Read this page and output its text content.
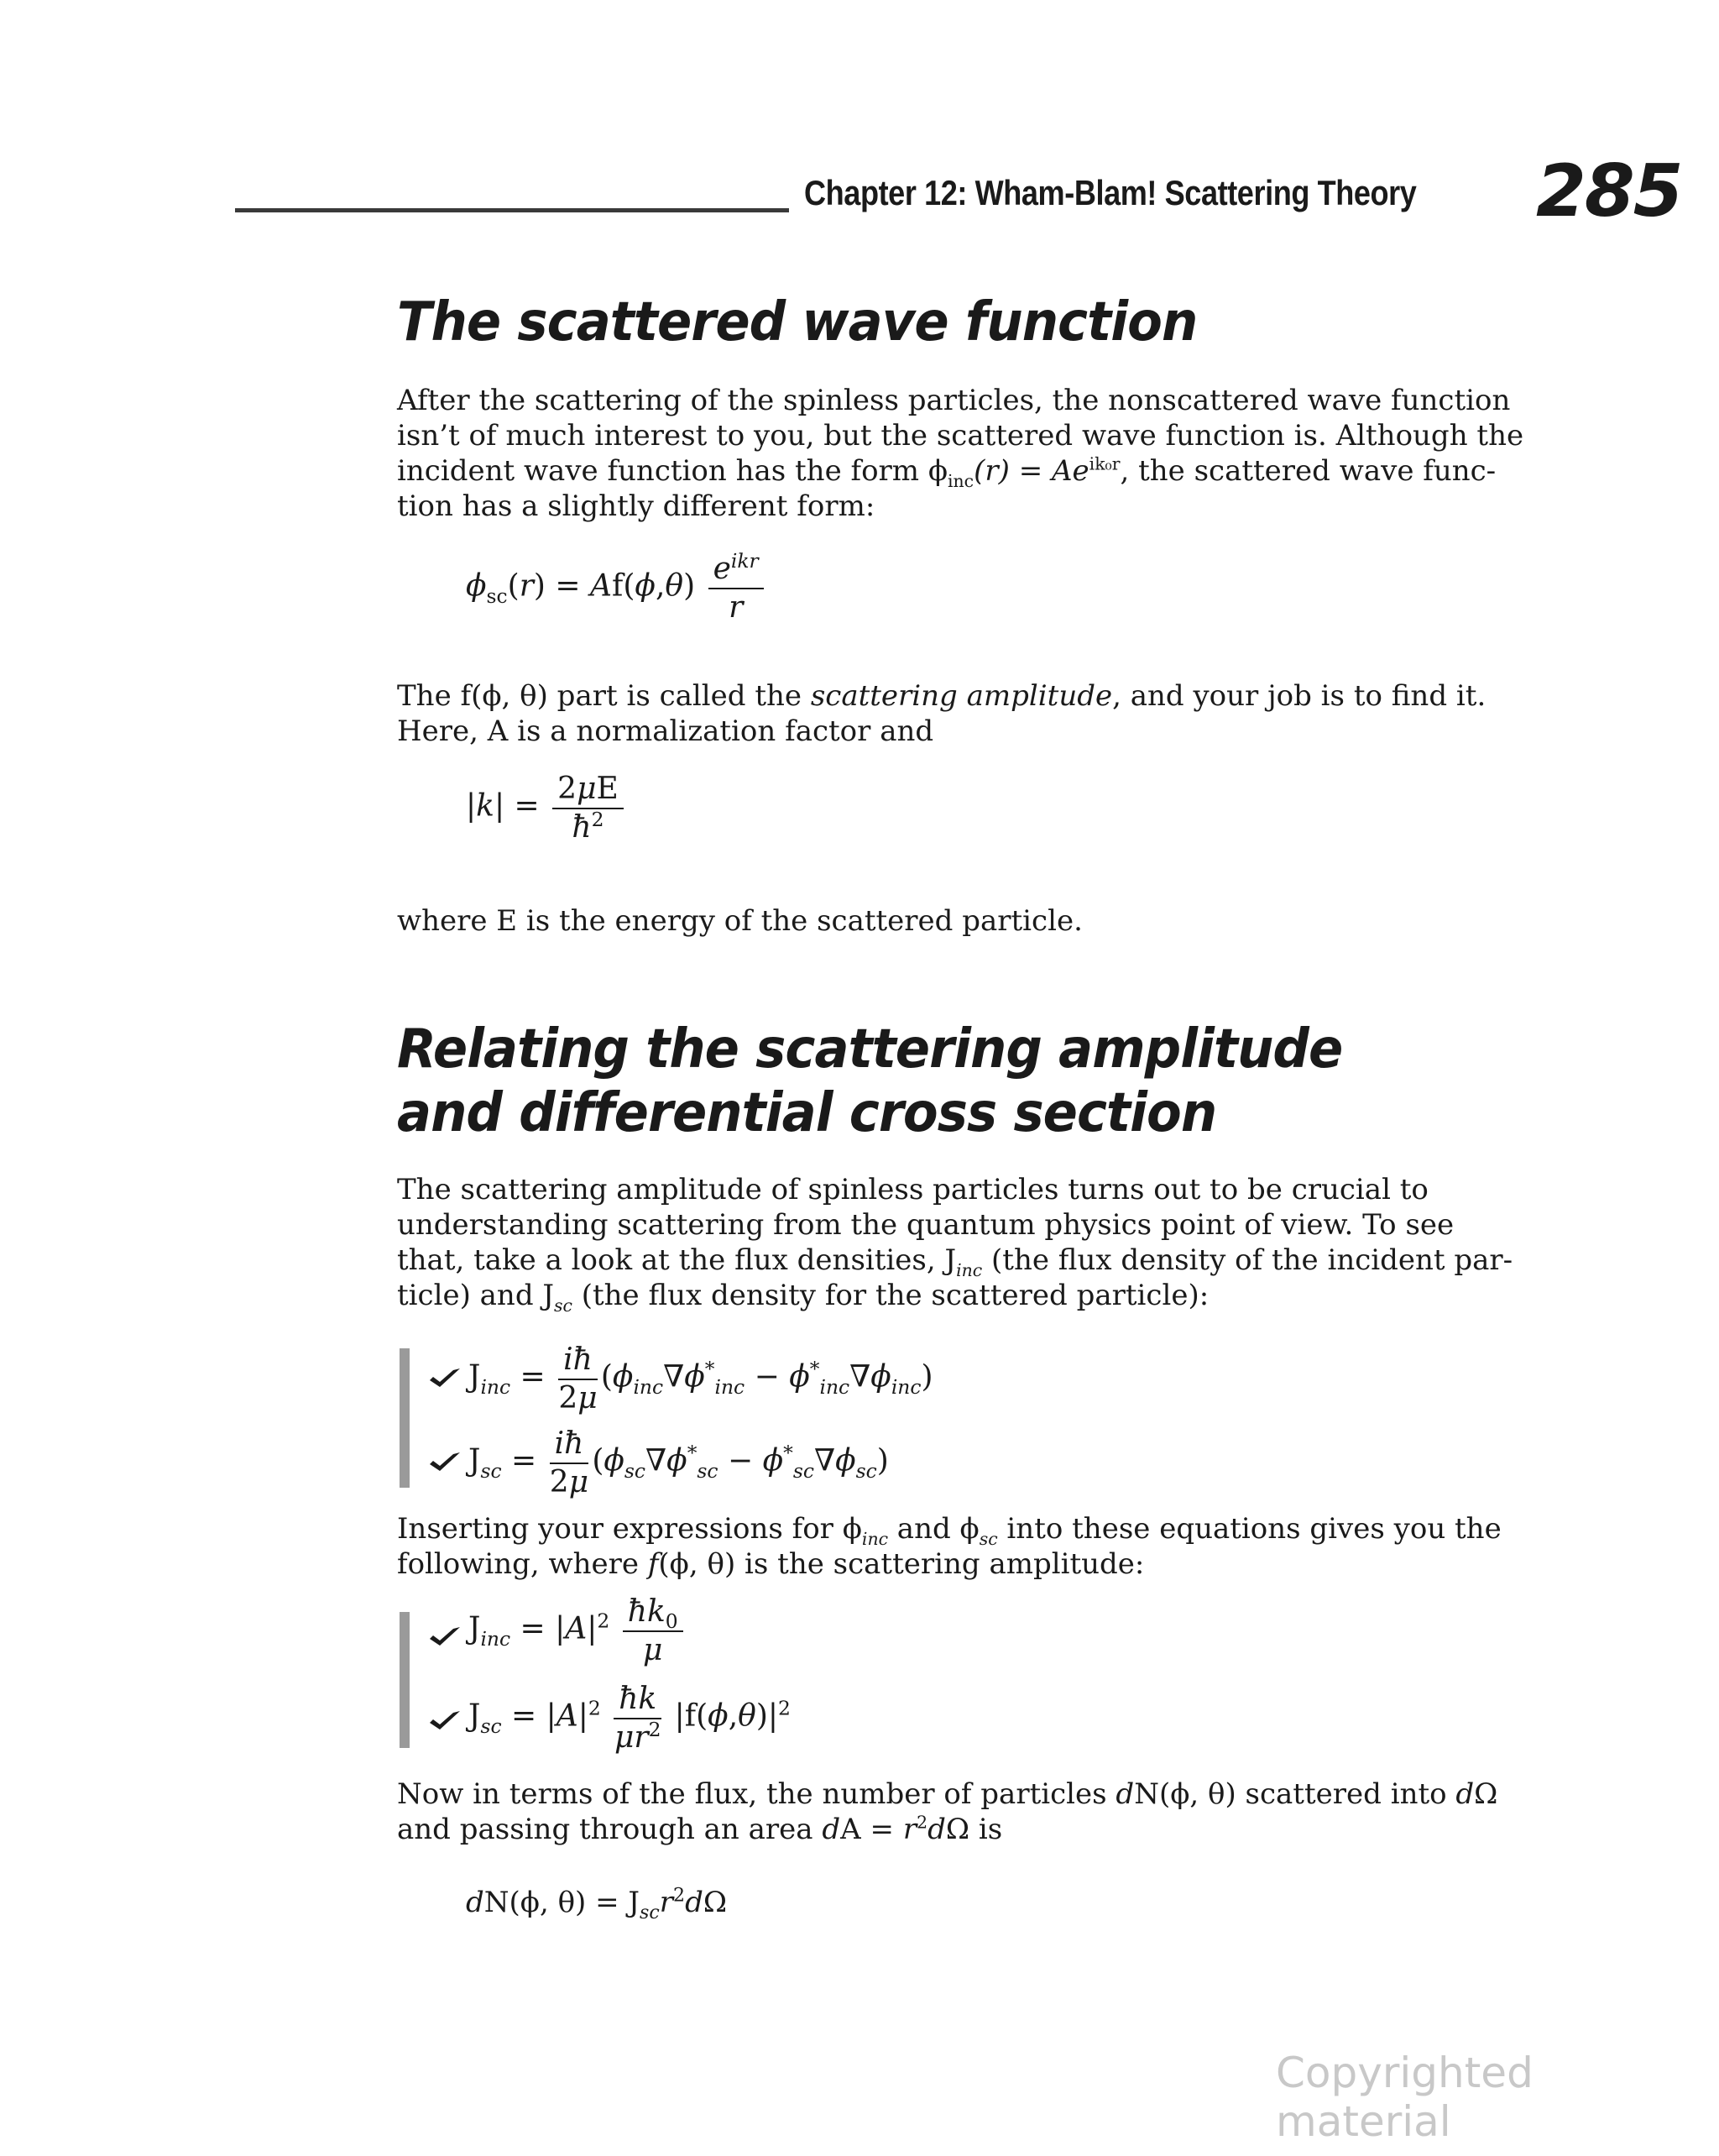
Chapter 12: Wham-Blam! Scattering Theory 285
The scattered wave function
After the scattering of the spinless particles, the nonscattered wave function
isn’t of much interest to you, but the scattered wave function is. Although the
incident wave function has the form $\phi_{inc}(r) = Ae^{ik_0r}$, the scattered wave func-
tion has a slightly different form:
$\phi_{sc}(r) = Af(\phi,\theta) \frac{e^{ikr}}{r}$
The f(ϕ, θ) part is called the scattering amplitude, and your job is to find it.
Here, A is a normalization factor and
$|k| = \frac{2\mu E}{ħ^2}$
where E is the energy of the scattered particle.
Relating the scattering amplitude
and differential cross section
The scattering amplitude of spinless particles turns out to be crucial to
understanding scattering from the quantum physics point of view. To see
that, take a look at the flux densities, $J_{inc}$ (the flux density of the incident par-
ticle) and $J_{sc}$ (the flux density for the scattered particle):
$J_{inc} = \frac{iħ}{2\mu} (\phi_{inc}\nabla\phi^*_{inc} - \phi^*_{inc}\nabla\phi_{inc})$
$J_{sc} = \frac{iħ}{2\mu} (\phi_{sc}\nabla\phi^*_{sc} - \phi^*_{sc}\nabla\phi_{sc})$
Inserting your expressions for $\phi_{inc}$ and $\phi_{sc}$ into these equations gives you the
following, where f(ϕ, θ) is the scattering amplitude:
$J_{inc} = |A|^2 \frac{ħk_0}{\mu}$
$J_{sc} = |A|^2 \frac{ħk}{\mu r^2} |f(\phi,\theta)|^2$
Now in terms of the flux, the number of particles dN(ϕ, θ) scattered into dΩ
and passing through an area dA = $r^2d\Omega$ is
dN(ϕ, $\theta) = J_{sc}r^2d\Omega$
Copyrighted material
